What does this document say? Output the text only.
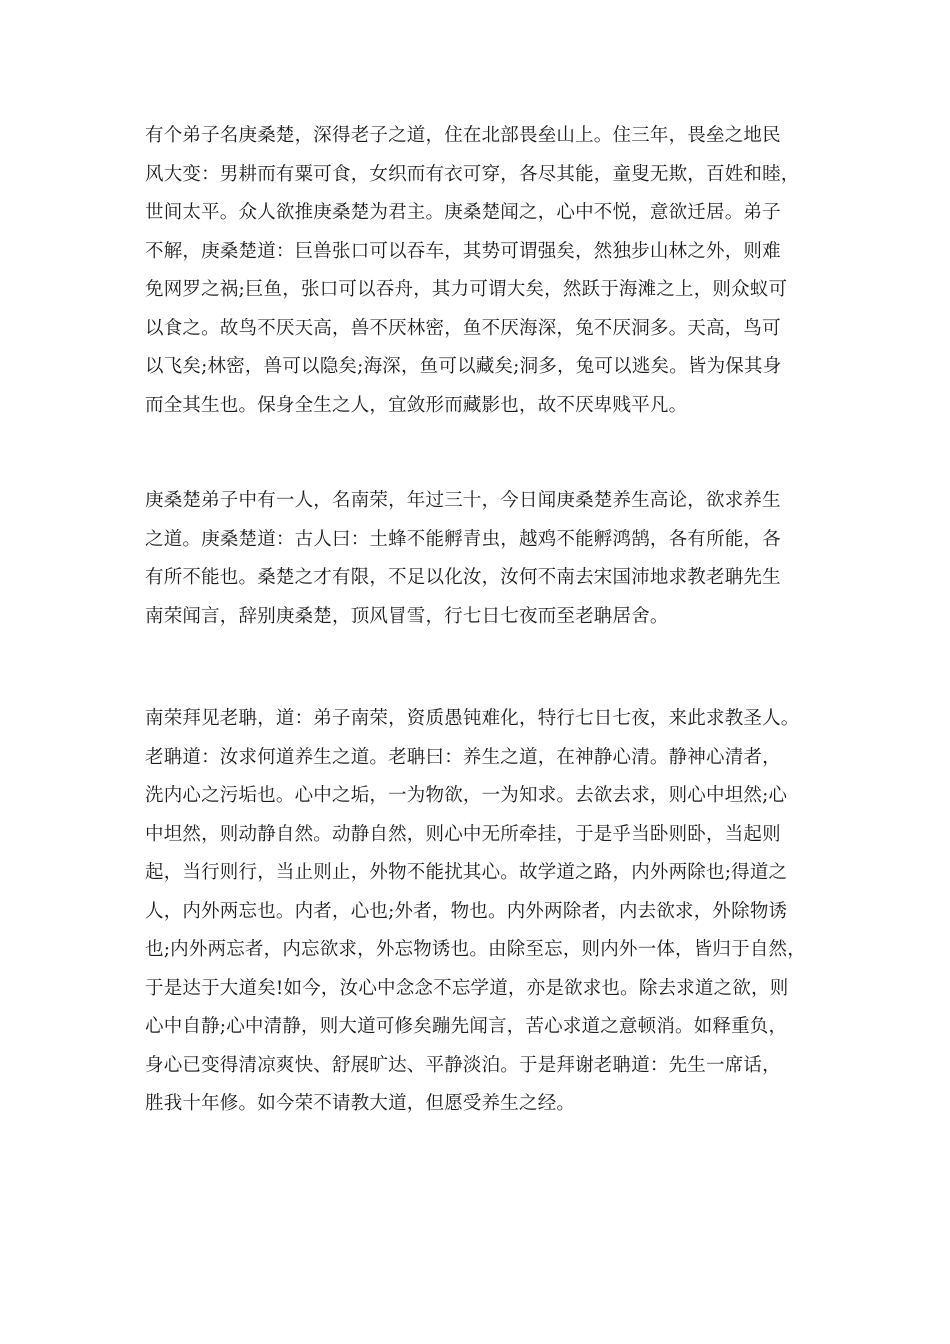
有个弟子名庚桑楚，深得老子之道，住在北部畏垒山上。住三年，畏垒之地民
风大变：男耕而有粟可食，女织而有衣可穿，各尽其能，童叟无欺，百姓和睦，
世间太平。众人欲推庚桑楚为君主。庚桑楚闻之，心中不悦，意欲迁居。弟子
不解，庚桑楚道：巨兽张口可以吞车，其势可谓强矣，然独步山林之外，则难
免网罗之祸;巨鱼，张口可以吞舟，其力可谓大矣，然跃于海滩之上，则众蚁可
以食之。故鸟不厌天高，兽不厌林密，鱼不厌海深，兔不厌洞多。天高，鸟可
以飞矣;林密，兽可以隐矣;海深，鱼可以藏矣;洞多，兔可以逃矣。皆为保其身
而全其生也。保身全生之人，宜敛形而藏影也，故不厌卑贱平凡。
庚桑楚弟子中有一人，名南荣，年过三十，今日闻庚桑楚养生高论，欲求养生
之道。庚桑楚道：古人曰：土蜂不能孵青虫，越鸡不能孵鸿鹄，各有所能，各
有所不能也。桑楚之才有限，不足以化汝，汝何不南去宋国沛地求教老聃先生
南荣闻言，辞别庚桑楚，顶风冒雪，行七日七夜而至老聃居舍。
南荣拜见老聃，道：弟子南荣，资质愚钝难化，特行七日七夜，来此求教圣人。
老聃道：汝求何道养生之道。老聃曰：养生之道，在神静心清。静神心清者，
洗内心之污垢也。心中之垢，一为物欲，一为知求。去欲去求，则心中坦然;心
中坦然，则动静自然。动静自然，则心中无所牵挂，于是乎当卧则卧，当起则
起，当行则行，当止则止，外物不能扰其心。故学道之路，内外两除也;得道之
人，内外两忘也。内者，心也;外者，物也。内外两除者，内去欲求，外除物诱
也;内外两忘者，内忘欲求，外忘物诱也。由除至忘，则内外一体，皆归于自然，
于是达于大道矣!如今，汝心中念念不忘学道，亦是欲求也。除去求道之欲，则
心中自静;心中清静，则大道可修矣蹦先闻言，苦心求道之意顿消。如释重负，
身心已变得清凉爽快、舒展旷达、平静淡泊。于是拜谢老聃道：先生一席话，
胜我十年修。如今荣不请教大道，但愿受养生之经。
